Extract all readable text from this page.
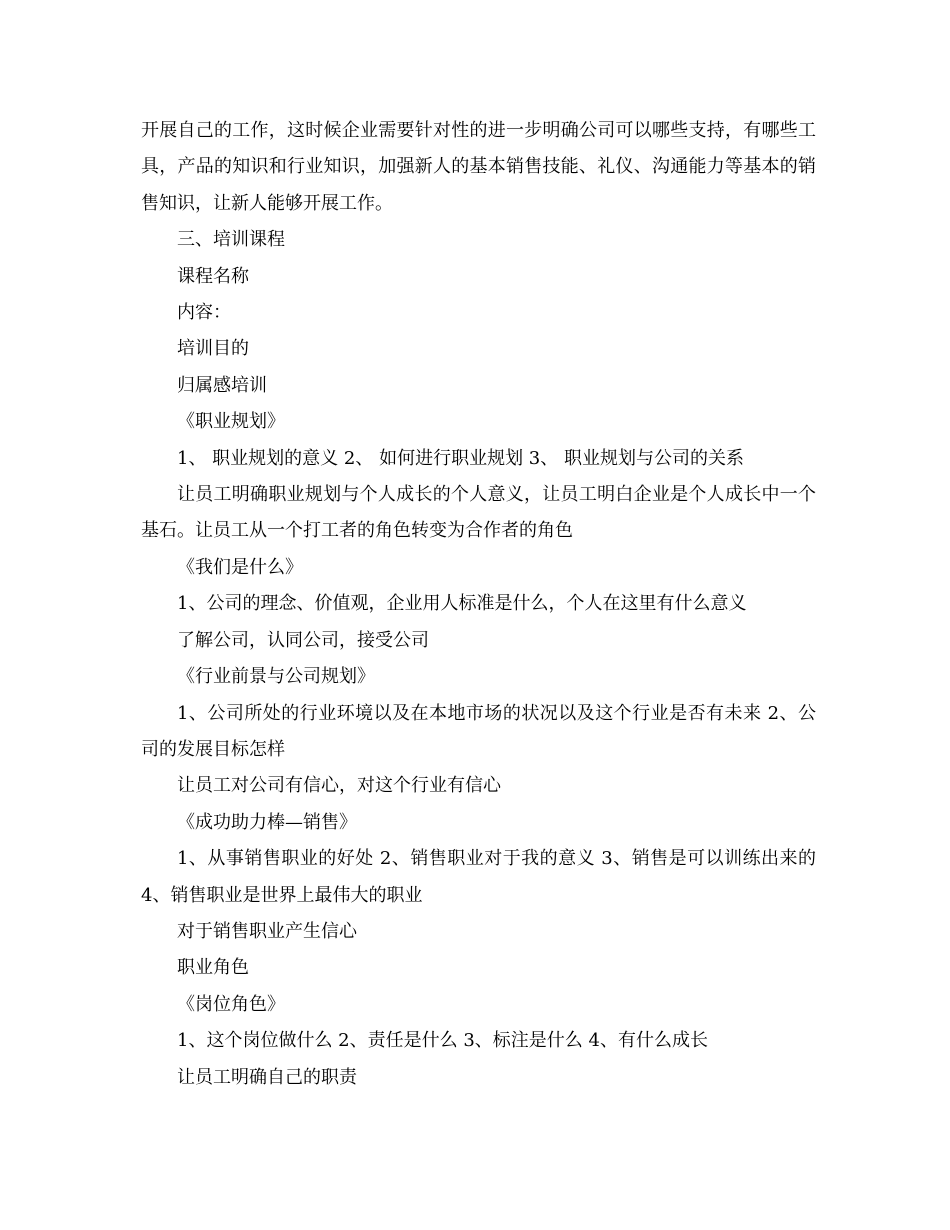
开展自己的工作，这时候企业需要针对性的进一步明确公司可以哪些支持，有哪些工具，产品的知识和行业知识，加强新人的基本销售技能、礼仪、沟通能力等基本的销售知识，让新人能够开展工作。

三、培训课程

课程名称

内容：

培训目的

归属感培训

《职业规划》

1、 职业规划的意义 2、 如何进行职业规划 3、 职业规划与公司的关系

让员工明确职业规划与个人成长的个人意义，让员工明白企业是个人成长中一个基石。让员工从一个打工者的角色转变为合作者的角色

《我们是什么》

1、公司的理念、价值观，企业用人标准是什么，个人在这里有什么意义

了解公司，认同公司，接受公司

《行业前景与公司规划》

1、公司所处的行业环境以及在本地市场的状况以及这个行业是否有未来 2、公司的发展目标怎样

让员工对公司有信心，对这个行业有信心

《成功助力棒—销售》

1、从事销售职业的好处 2、销售职业对于我的意义 3、销售是可以训练出来的 4、销售职业是世界上最伟大的职业

对于销售职业产生信心

职业角色

《岗位角色》

1、这个岗位做什么 2、责任是什么 3、标注是什么 4、有什么成长

让员工明确自己的职责
